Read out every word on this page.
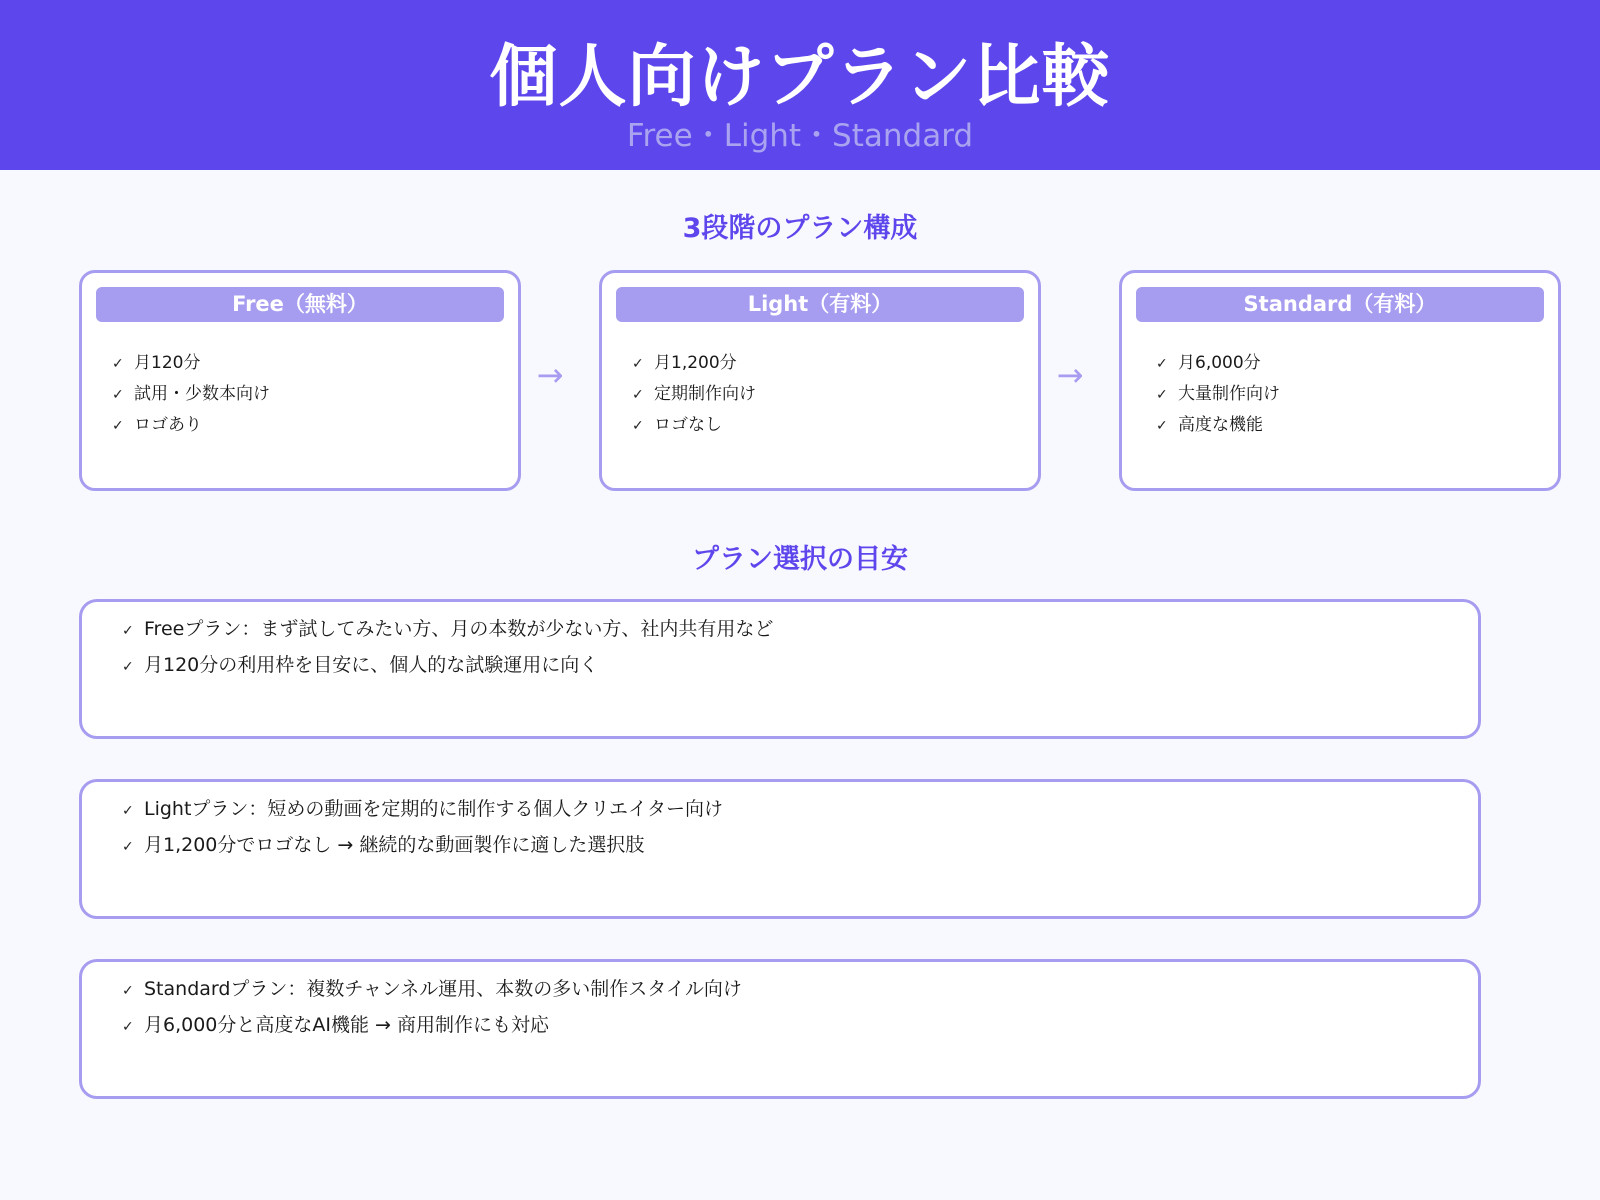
個人向けプラン比較
Free・Light・Standard
3段階のプラン構成
Free（無料）
✓ 月120分
✓ 試用・少数本向け
✓ ロゴあり
→
Light（有料）
✓ 月1,200分
✓ 定期制作向け
✓ ロゴなし
→
Standard（有料）
✓ 月6,000分
✓ 大量制作向け
✓ 高度な機能
プラン選択の目安
✓ Freeプラン：まず試してみたい方、月の本数が少ない方、社内共有用など
✓ 月120分の利用枠を目安に、個人的な試験運用に向く
✓ Lightプラン：短めの動画を定期的に制作する個人クリエイター向け
✓ 月1,200分でロゴなし → 継続的な動画製作に適した選択肢
✓ Standardプラン：複数チャンネル運用、本数の多い制作スタイル向け
✓ 月6,000分と高度なAI機能 → 商用制作にも対応
